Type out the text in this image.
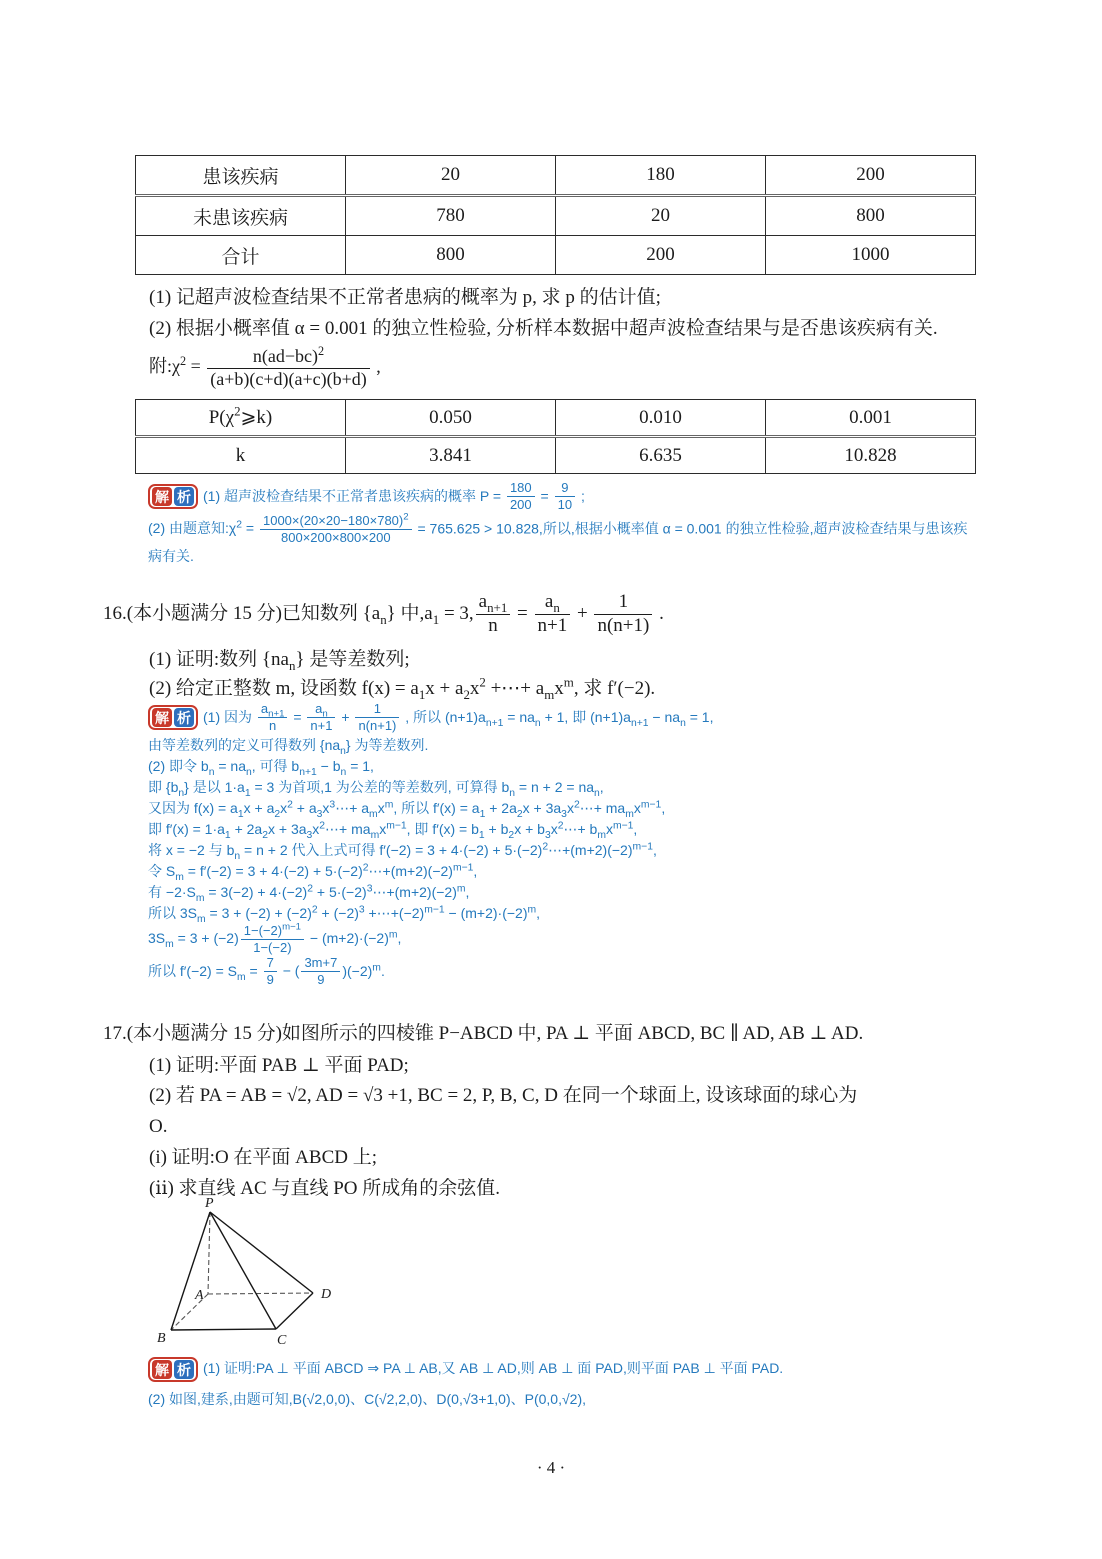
患该疾病	20	180	200
未患该疾病	780	20	800
合计	800	200	1000
(1) 记超声波检查结果不正常者患病的概率为 p, 求 p 的估计值;
(2) 根据小概率值 α = 0.001 的独立性检验, 分析样本数据中超声波检查结果与是否患该疾病有关.
附$:\chi^2 = \frac{n(ad-bc)^2}{(a+b)(c+d)(a+c)(b+d)}$ ,
$P(\chi^2⩾k)$	0.050	0.010	0.001
k	3.841	6.635	10.828
解 析 (1) 超声波检查结果不正常者患该疾病的概率 $P = \frac{180}{200} = \frac{9}{10}$ ;
(2) 由题意知$:\chi^2 = \frac{1000\times(20\times 20-180\times 780)^2}{800\times 200\times 800\times 200} = 765.625 > 10.828$,所以,根据小概率值 α = 0.001 的独立性检验,超声波检查结果与患该疾
病有关.
16.(本小题满分 15 分)已知数列 $\{a_n\}$ 中$,a_1 = 3$, $\frac{a_{n+1}}{n} = \frac{a_n}{n+1} + \frac{1}{n(n+1)}$ .
(1) 证明:数列 $\{na_n\}$ 是等差数列;
(2) 给定正整数 m, 设函数 $f(x) = a_1x + a_2x^2$ +⋯+ $a_mx^m$, 求 f′(−2).
解 析 (1) 因为 $\frac{a_{n+1}}{n} = \frac{a_n}{n+1} + \frac{1}{n(n+1)}$ , 所以 $(n+1)a_{n+1} = na_n + 1$, 即 $(n+1)a_{n+1} - na_n = 1$,
由等差数列的定义可得数列 $\{na_n\}$ 为等差数列.
(2) 即令 $b_n = na_n$, 可得 $b_{n+1} - b_n = 1$,
即 $\{b_n\}$ 是以 $1\cdot a_1 = 3$ 为首项,1 为公差的等差数列, 可算得 $b_n = n + 2 = na_n$,
又因为 $f(x) = a_1x + a_2x^2$ + $a_3x^3\cdots+ a_mx^m$, 所以 $f'(x) = a_1 + 2a_2x$ + $3a_3x^2\cdots+ ma_mx^{m-1}$,
即 $f'(x) = 1\cdot a_1 + 2a_2x$ + $3a_3x^2\cdots+ ma_mx^{m-1}$, 即 $f'(x) = b_1 + b_2x$ + $b_3x^2\cdots+ b_mx^{m-1}$,
将 x = −2 与 $b_n = n + 2$ 代入上式可得 $f'(-2) = 3 + 4\cdot(-2) + 5\cdot(-2)^2\cdots+(m+2)(-2)^{m-1}$,
令 $S_m = f'(-2) = 3 + 4\cdot(-2)$ + $5\cdot(-2)^2\cdots+(m+2)(-2)^{m-1}$,
有 $-2\cdot S_m = 3(-2) + 4\cdot(-2)^2$ + $5\cdot(-2)^3\cdots+(m+2)(-2)^m$,
所以 $3S_m = 3 + (-2) + (-2)^2 + (-2)^3$ $+\cdots+(-2)^{m-1} - (m+2)\cdot(-2)^m$,
$3S_m = 3 + (-2) \frac{1-(-2)^{m-1}}{1-(-2)} - (m+2)\cdot(-2)^m$,
所以 $f'(-2) = S_m = \frac{7}{9}$ − ( $\frac{3m+7}{9} )(-2)^m$.
17.(本小题满分 15 分)如图所示的四棱锥 P−ABCD 中, PA ⊥ 平面 ABCD, BC ∥ AD, AB ⊥ AD.
(1) 证明:平面 PAB ⊥ 平面 PAD;
(2) 若 PA = AB = √2, AD = √3 +1, BC = 2, P, B, C, D 在同一个球面上, 设该球面的球心为
O.
(i) 证明:O 在平面 ABCD 上;
(ⅱ) 求直线 AC 与直线 PO 所成角的余弦值.
P
A
B	C
D
解 析 (1) 证明:PA ⊥ 平面 ABCD ⇒ PA ⊥ AB,又 AB ⊥ AD,则 AB ⊥ 面 PAD,则平面 PAB ⊥ 平面 PAD.
(2) 如图,建系,由题可知,B(√2,0,0)、C(√2,2,0)、D(0,√3+1,0)、P(0,0,√2),
· 4 ·
